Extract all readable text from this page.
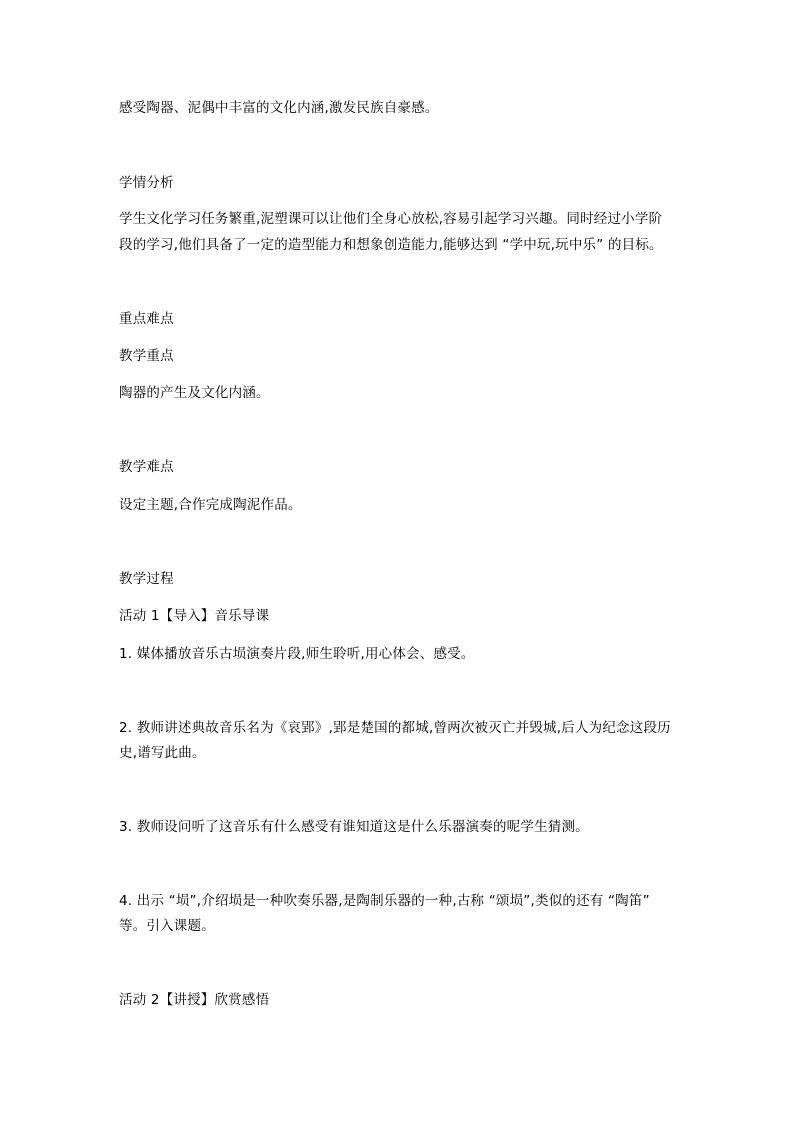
感受陶器、泥偶中丰富的文化内涵,激发民族自豪感。
学情分析
学生文化学习任务繁重,泥塑课可以让他们全身心放松,容易引起学习兴趣。同时经过小学阶
段的学习,他们具备了一定的造型能力和想象创造能力,能够达到 “学中玩,玩中乐” 的目标。
重点难点
教学重点
陶器的产生及文化内涵。
教学难点
设定主题,合作完成陶泥作品。
教学过程
活动 1【导入】音乐导课
1. 媒体播放音乐古埙演奏片段,师生聆听,用心体会、感受。
2. 教师讲述典故音乐名为《哀郢》,郢是楚国的都城,曾两次被灭亡并毁城,后人为纪念这段历
史,谱写此曲。
3. 教师设问听了这音乐有什么感受有谁知道这是什么乐器演奏的呢学生猜测。
4. 出示 “埙”,介绍埙是一种吹奏乐器,是陶制乐器的一种,古称 “颂埙”,类似的还有 “陶笛”
等。引入课题。
活动 2【讲授】欣赏感悟
